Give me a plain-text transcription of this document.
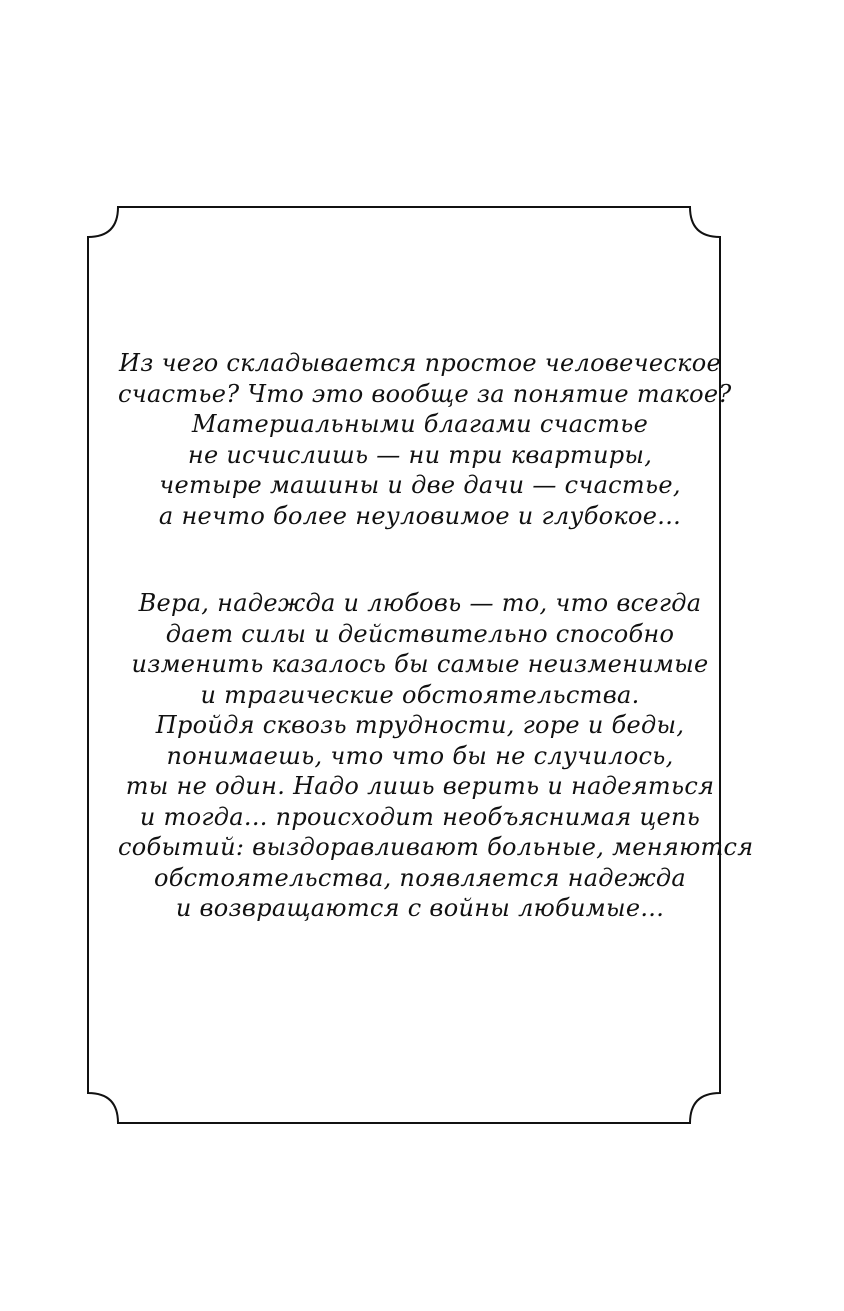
Из чего складывается простое человеческое
счастье? Что это вообще за понятие такое?
Материальными благами счастье
не исчислишь — ни три квартиры,
четыре машины и две дачи — счастье,
а нечто более неуловимое и глубокое...
Вера, надежда и любовь — то, что всегда
дает силы и действительно способно
изменить казалось бы самые неизменимые
и трагические обстоятельства.
Пройдя сквозь трудности, горе и беды,
понимаешь, что что бы не случилось,
ты не один. Надо лишь верить и надеяться
и тогда... происходит необъяснимая цепь
событий: выздоравливают больные, меняются
обстоятельства, появляется надежда
и возвращаются с войны любимые...
